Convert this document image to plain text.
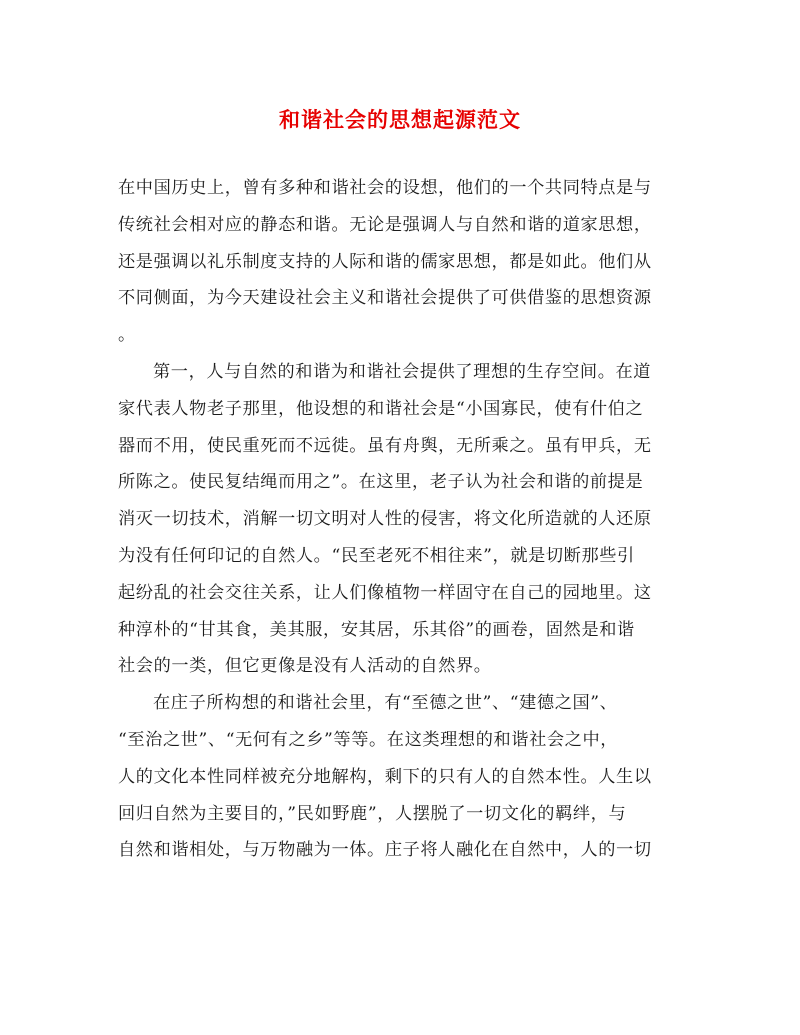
和谐社会的思想起源范文

在中国历史上，曾有多种和谐社会的设想，他们的一个共同特点是与
传统社会相对应的静态和谐。无论是强调人与自然和谐的道家思想，
还是强调以礼乐制度支持的人际和谐的儒家思想，都是如此。他们从
不同侧面，为今天建设社会主义和谐社会提供了可供借鉴的思想资源
。

第一，人与自然的和谐为和谐社会提供了理想的生存空间。在道
家代表人物老子那里，他设想的和谐社会是“小国寡民，使有什伯之
器而不用，使民重死而不远徙。虽有舟舆，无所乘之。虽有甲兵，无
所陈之。使民复结绳而用之”。在这里，老子认为社会和谐的前提是
消灭一切技术，消解一切文明对人性的侵害，将文化所造就的人还原
为没有任何印记的自然人。“民至老死不相往来”，就是切断那些引
起纷乱的社会交往关系，让人们像植物一样固守在自己的园地里。这
种淳朴的“甘其食，美其服，安其居，乐其俗”的画卷，固然是和谐
社会的一类，但它更像是没有人活动的自然界。

在庄子所构想的和谐社会里，有“至德之世”、“建德之国”、
“至治之世”、“无何有之乡”等等。在这类理想的和谐社会之中，
人的文化本性同样被充分地解构，剩下的只有人的自然本性。人生以
回归自然为主要目的，”民如野鹿”，人摆脱了一切文化的羁绊，与
自然和谐相处，与万物融为一体。庄子将人融化在自然中，人的一切
